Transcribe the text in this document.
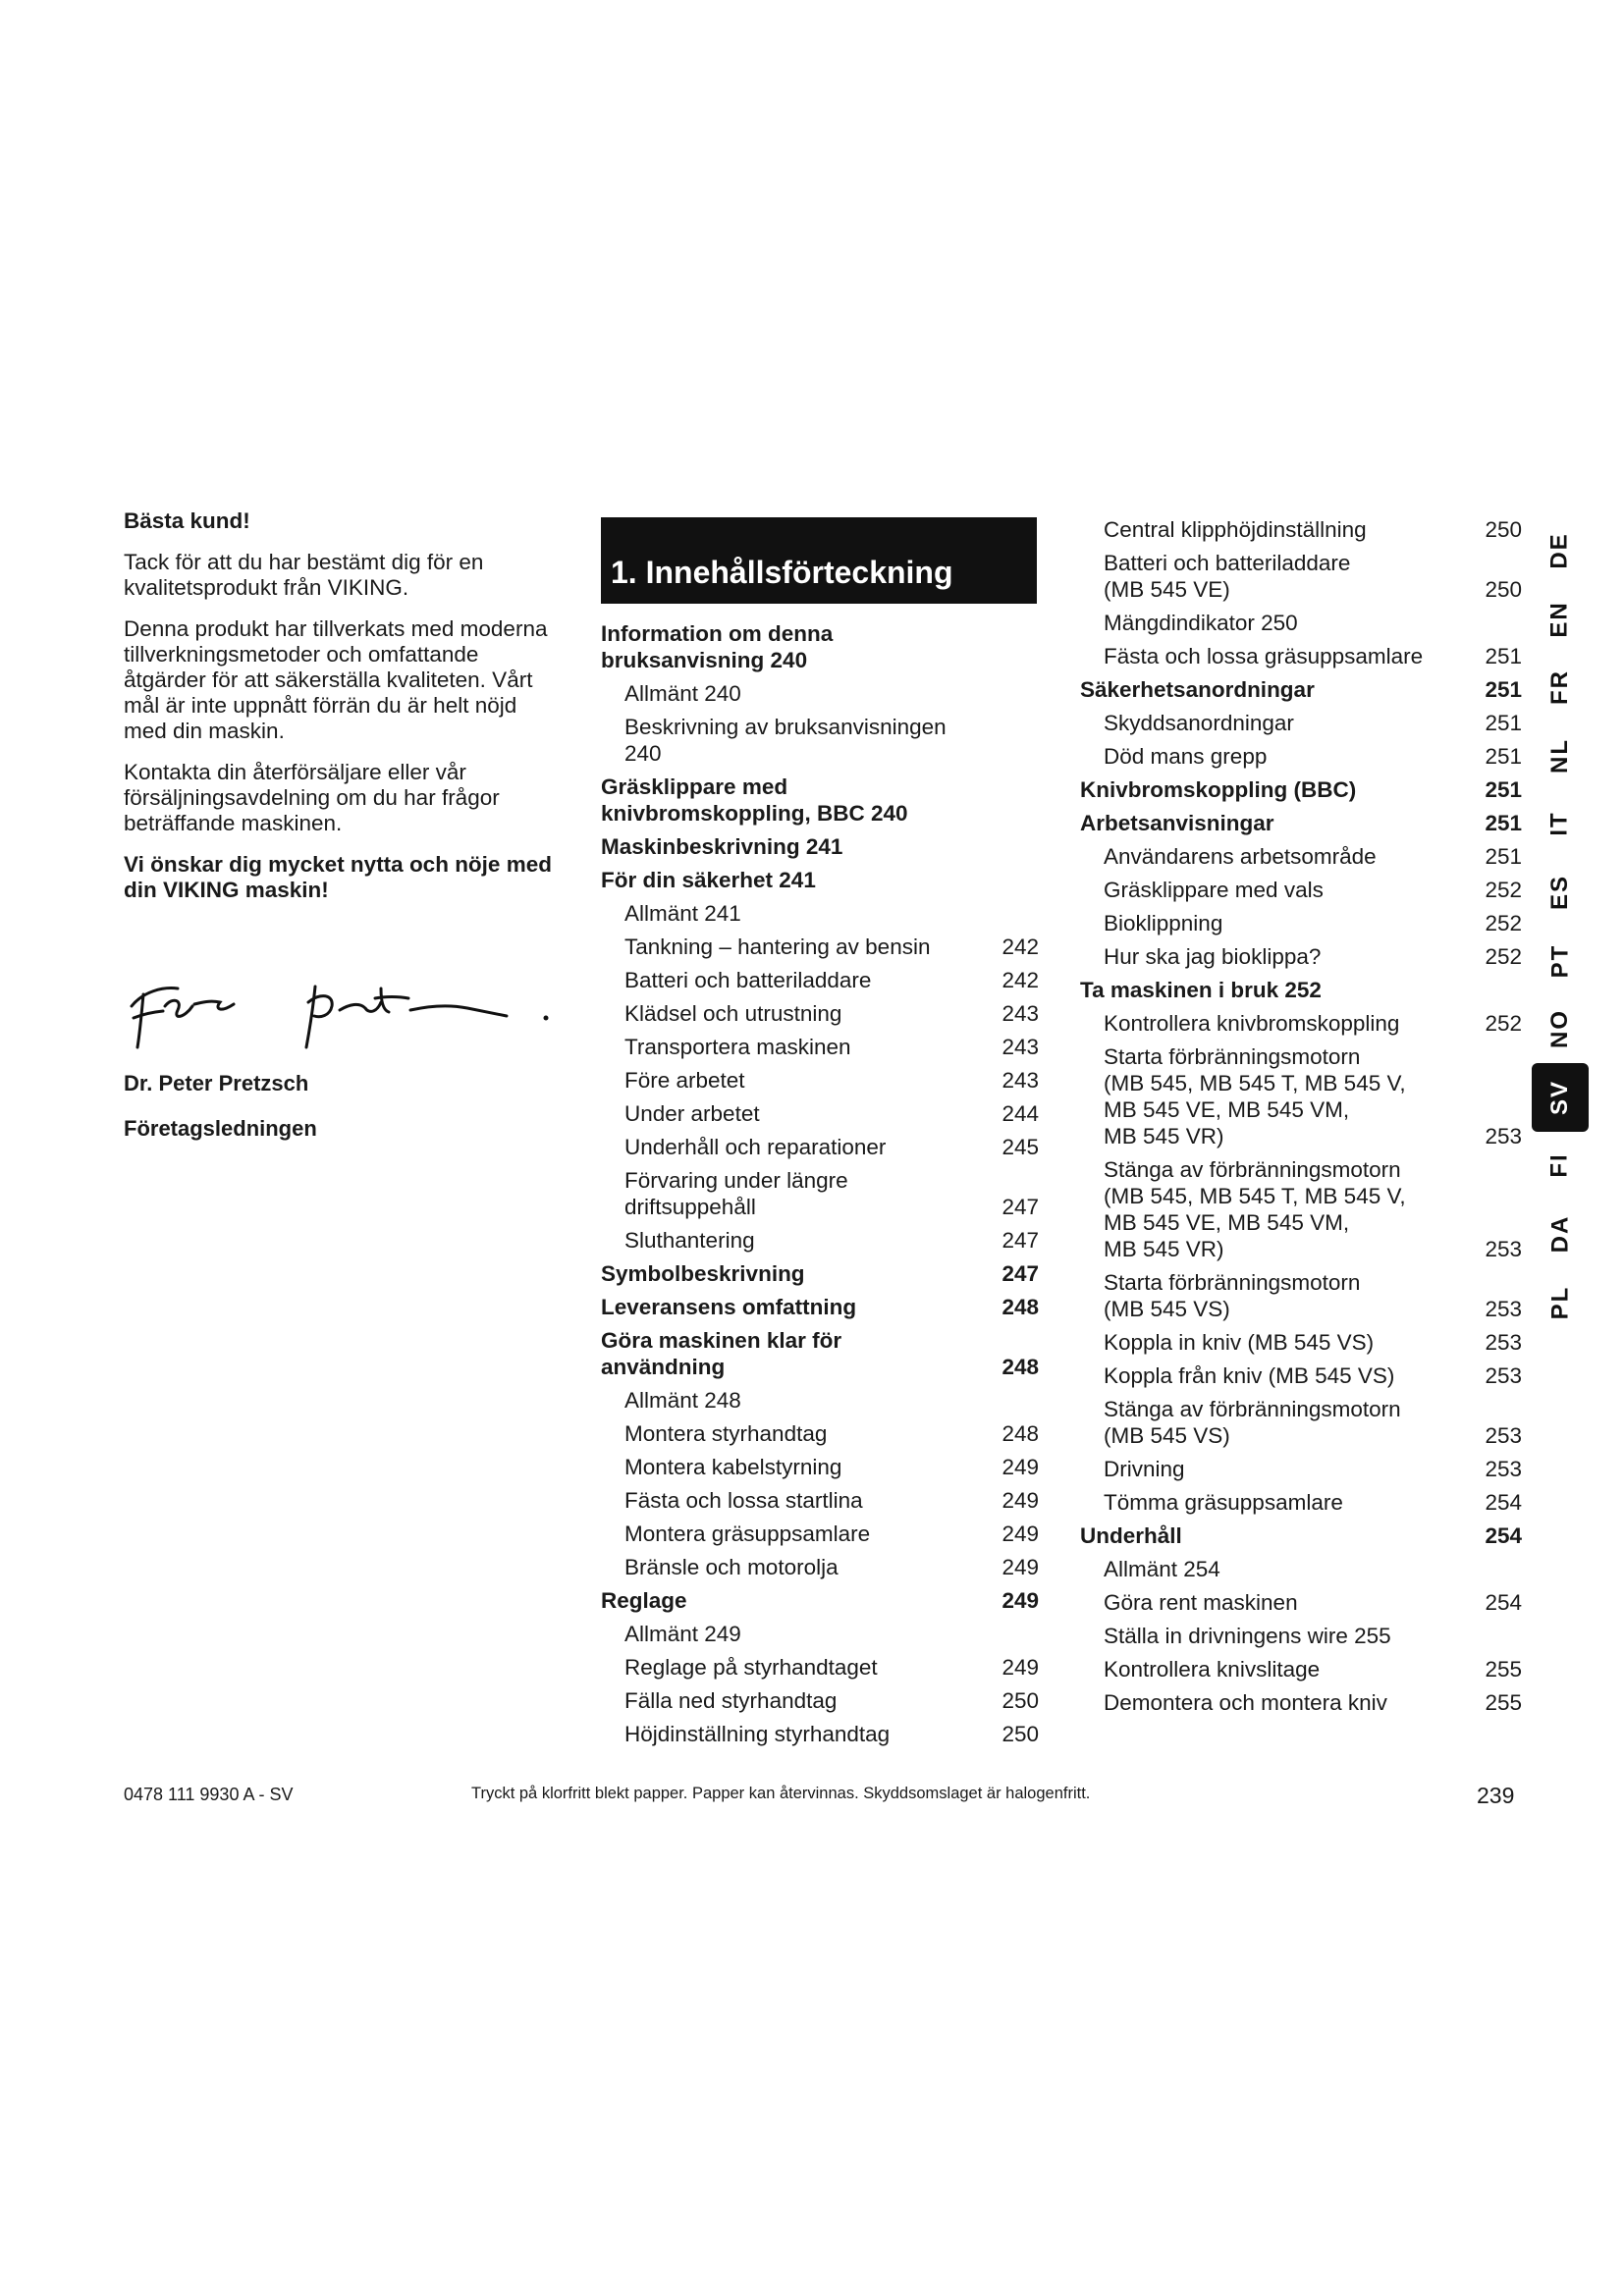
Bästa kund!

Tack för att du har bestämt dig för en kvalitetsprodukt från VIKING.

Denna produkt har tillverkats med moderna tillverkningsmetoder och omfattande åtgärder för att säkerställa kvaliteten. Vårt mål är inte uppnått förrän du är helt nöjd med din maskin.

Kontakta din återförsäljare eller vår försäljningsavdelning om du har frågor beträffande maskinen.

Vi önskar dig mycket nytta och nöje med din VIKING maskin!

Dr. Peter Pretzsch
Företagsledningen
1. Innehållsförteckning
Information om denna
bruksanvisning 240
Allmänt 240
Beskrivning av bruksanvisningen 240
Gräsklippare med
knivbromskoppling, BBC 240
Maskinbeskrivning 241
För din säkerhet 241
Allmänt 241
Tankning – hantering av bensin	242
Batteri och batteriladdare	242
Klädsel och utrustning	243
Transportera maskinen	243
Före arbetet	243
Under arbetet	244
Underhåll och reparationer	245
Förvaring under längre
driftsuppehåll	247
Sluthantering	247
Symbolbeskrivning	247
Leveransens omfattning	248
Göra maskinen klar för
användning	248
Allmänt 248
Montera styrhandtag	248
Montera kabelstyrning	249
Fästa och lossa startlina	249
Montera gräsuppsamlare	249
Bränsle och motorolja	249
Reglage	249
Allmänt 249
Reglage på styrhandtaget	249
Fälla ned styrhandtag	250
Höjdinställning styrhandtag	250
Central klipphöjdinställning	250
Batteri och batteriladdare
(MB 545 VE)	250
Mängdindikator 250
Fästa och lossa gräsuppsamlare	251
Säkerhetsanordningar	251
Skyddsanordningar	251
Död mans grepp	251
Knivbromskoppling (BBC)	251
Arbetsanvisningar	251
Användarens arbetsområde	251
Gräsklippare med vals	252
Bioklippning	252
Hur ska jag bioklippa?	252
Ta maskinen i bruk 252
Kontrollera knivbromskoppling	252
Starta förbränningsmotorn
(MB 545, MB 545 T, MB 545 V,
MB 545 VE, MB 545 VM,
MB 545 VR)	253
Stänga av förbränningsmotorn
(MB 545, MB 545 T, MB 545 V,
MB 545 VE, MB 545 VM,
MB 545 VR)	253
Starta förbränningsmotorn
(MB 545 VS)	253
Koppla in kniv (MB 545 VS)	253
Koppla från kniv (MB 545 VS)	253
Stänga av förbränningsmotorn
(MB 545 VS)	253
Drivning	253
Tömma gräsuppsamlare	254
Underhåll	254
Allmänt 254
Göra rent maskinen	254
Ställa in drivningens wire 255
Kontrollera knivslitage	255
Demontera och montera kniv	255
DE
EN
FR
NL
IT
ES
PT
NO
SV
FI
DA
PL
0478 111 9930 A - SV	Tryckt på klorfritt blekt papper. Papper kan återvinnas. Skyddsomslaget är halogenfritt.	239
